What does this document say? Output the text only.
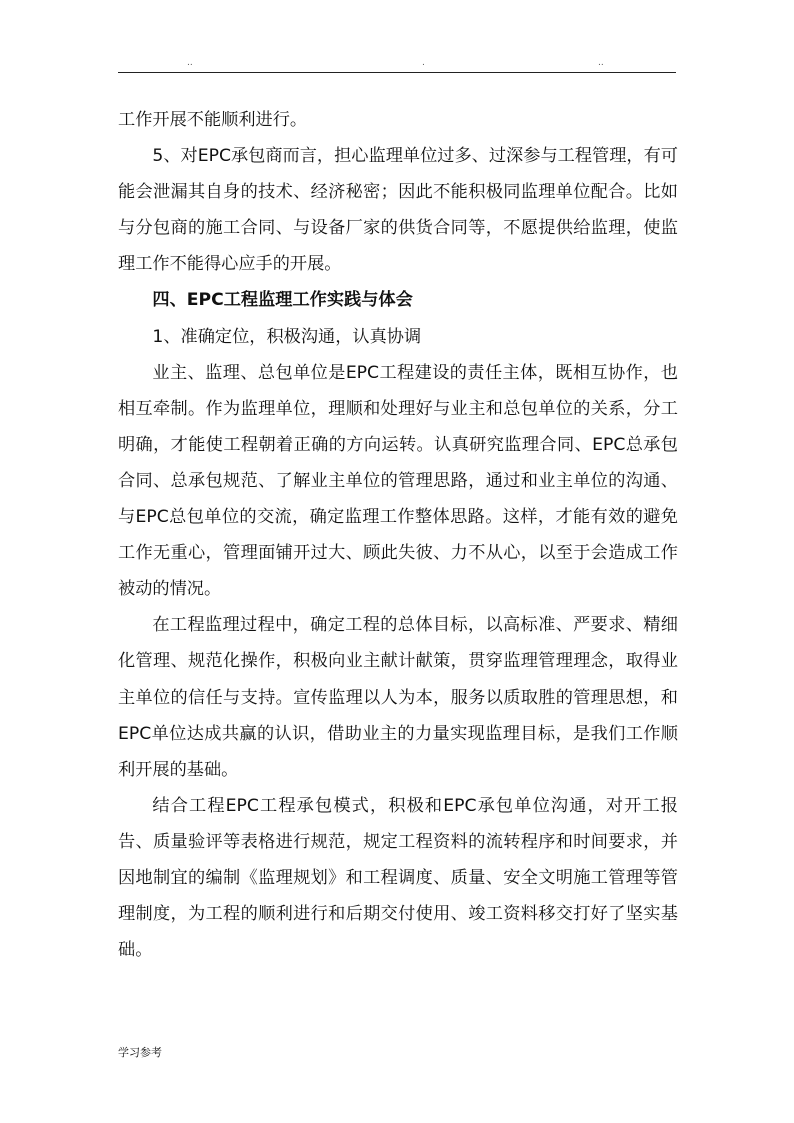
..	.	..

工作开展不能顺利进行。

5、对EPC承包商而言，担心监理单位过多、过深参与工程管理，有可能会泄漏其自身的技术、经济秘密；因此不能积极同监理单位配合。比如与分包商的施工合同、与设备厂家的供货合同等，不愿提供给监理，使监理工作不能得心应手的开展。

四、EPC工程监理工作实践与体会

1、准确定位，积极沟通，认真协调

业主、监理、总包单位是EPC工程建设的责任主体，既相互协作，也相互牵制。作为监理单位，理顺和处理好与业主和总包单位的关系，分工明确，才能使工程朝着正确的方向运转。认真研究监理合同、EPC总承包合同、总承包规范、了解业主单位的管理思路，通过和业主单位的沟通、与EPC总包单位的交流，确定监理工作整体思路。这样，才能有效的避免工作无重心，管理面铺开过大、顾此失彼、力不从心，以至于会造成工作被动的情况。

在工程监理过程中，确定工程的总体目标，以高标准、严要求、精细化管理、规范化操作，积极向业主献计献策，贯穿监理管理理念，取得业主单位的信任与支持。宣传监理以人为本，服务以质取胜的管理思想，和EPC单位达成共赢的认识，借助业主的力量实现监理目标，是我们工作顺利开展的基础。

结合工程EPC工程承包模式，积极和EPC承包单位沟通，对开工报告、质量验评等表格进行规范，规定工程资料的流转程序和时间要求，并因地制宜的编制《监理规划》和工程调度、质量、安全文明施工管理等管理制度，为工程的顺利进行和后期交付使用、竣工资料移交打好了坚实基础。

学习参考
